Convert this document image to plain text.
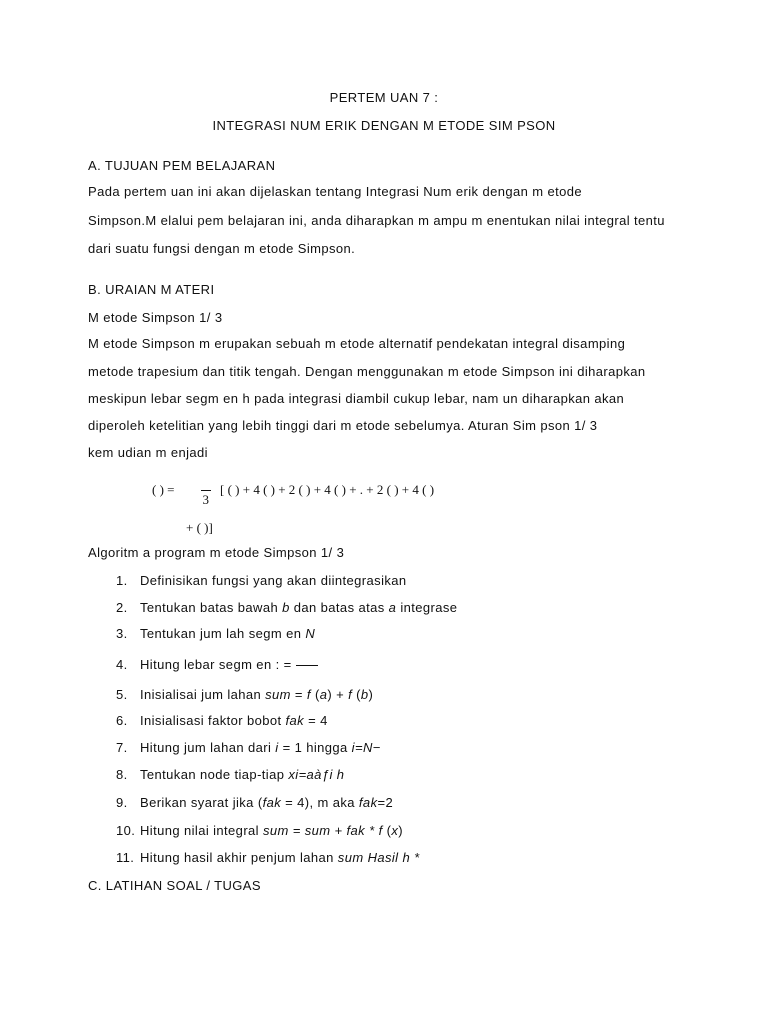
PERTEM UAN 7 :
INTEGRASI NUM ERIK DENGAN M ETODE SIM PSON
A. TUJUAN PEM BELAJARAN
Pada pertem uan ini akan dijelaskan tentang Integrasi Num erik dengan m etode
Simpson.M elalui pem belajaran ini, anda diharapkan m ampu m enentukan nilai integral tentu
dari suatu fungsi dengan m etode Simpson.
B. URAIAN M ATERI
M etode Simpson 1/ 3
M etode Simpson m erupakan sebuah m etode alternatif pendekatan integral disamping
metode trapesium dan titik tengah. Dengan menggunakan m etode Simpson ini diharapkan
meskipun lebar segm en h pada integrasi diambil cukup lebar, nam un diharapkan akan
diperoleh ketelitian yang lebih tinggi dari m etode sebelumya. Aturan Sim pson 1/ 3
kem udian m enjadi
( ) =
3
[ ( ) + 4 ( ) + 2 ( ) + 4 ( ) + . + 2 ( ) + 4 ( )
+ ( )]
Algoritm a program m etode Simpson 1/ 3
1. Definisikan fungsi yang akan diintegrasikan
2. Tentukan batas bawah b dan batas atas a integrase
3. Tentukan jum lah segm en N
4. Hitung lebar segm en : =
5. Inisialisai jum lahan sum = f (a) + f (b)
6. Inisialisasi faktor bobot fak = 4
7. Hitung jum lahan dari i = 1 hingga i=N−
8. Tentukan node tiap-tiap xi=aàƒi h
9. Berikan syarat jika (fak = 4), m aka fak=2
10. Hitung nilai integral sum = sum + fak * f (x)
11. Hitung hasil akhir penjum lahan sum Hasil h *
C. LATIHAN SOAL / TUGAS
